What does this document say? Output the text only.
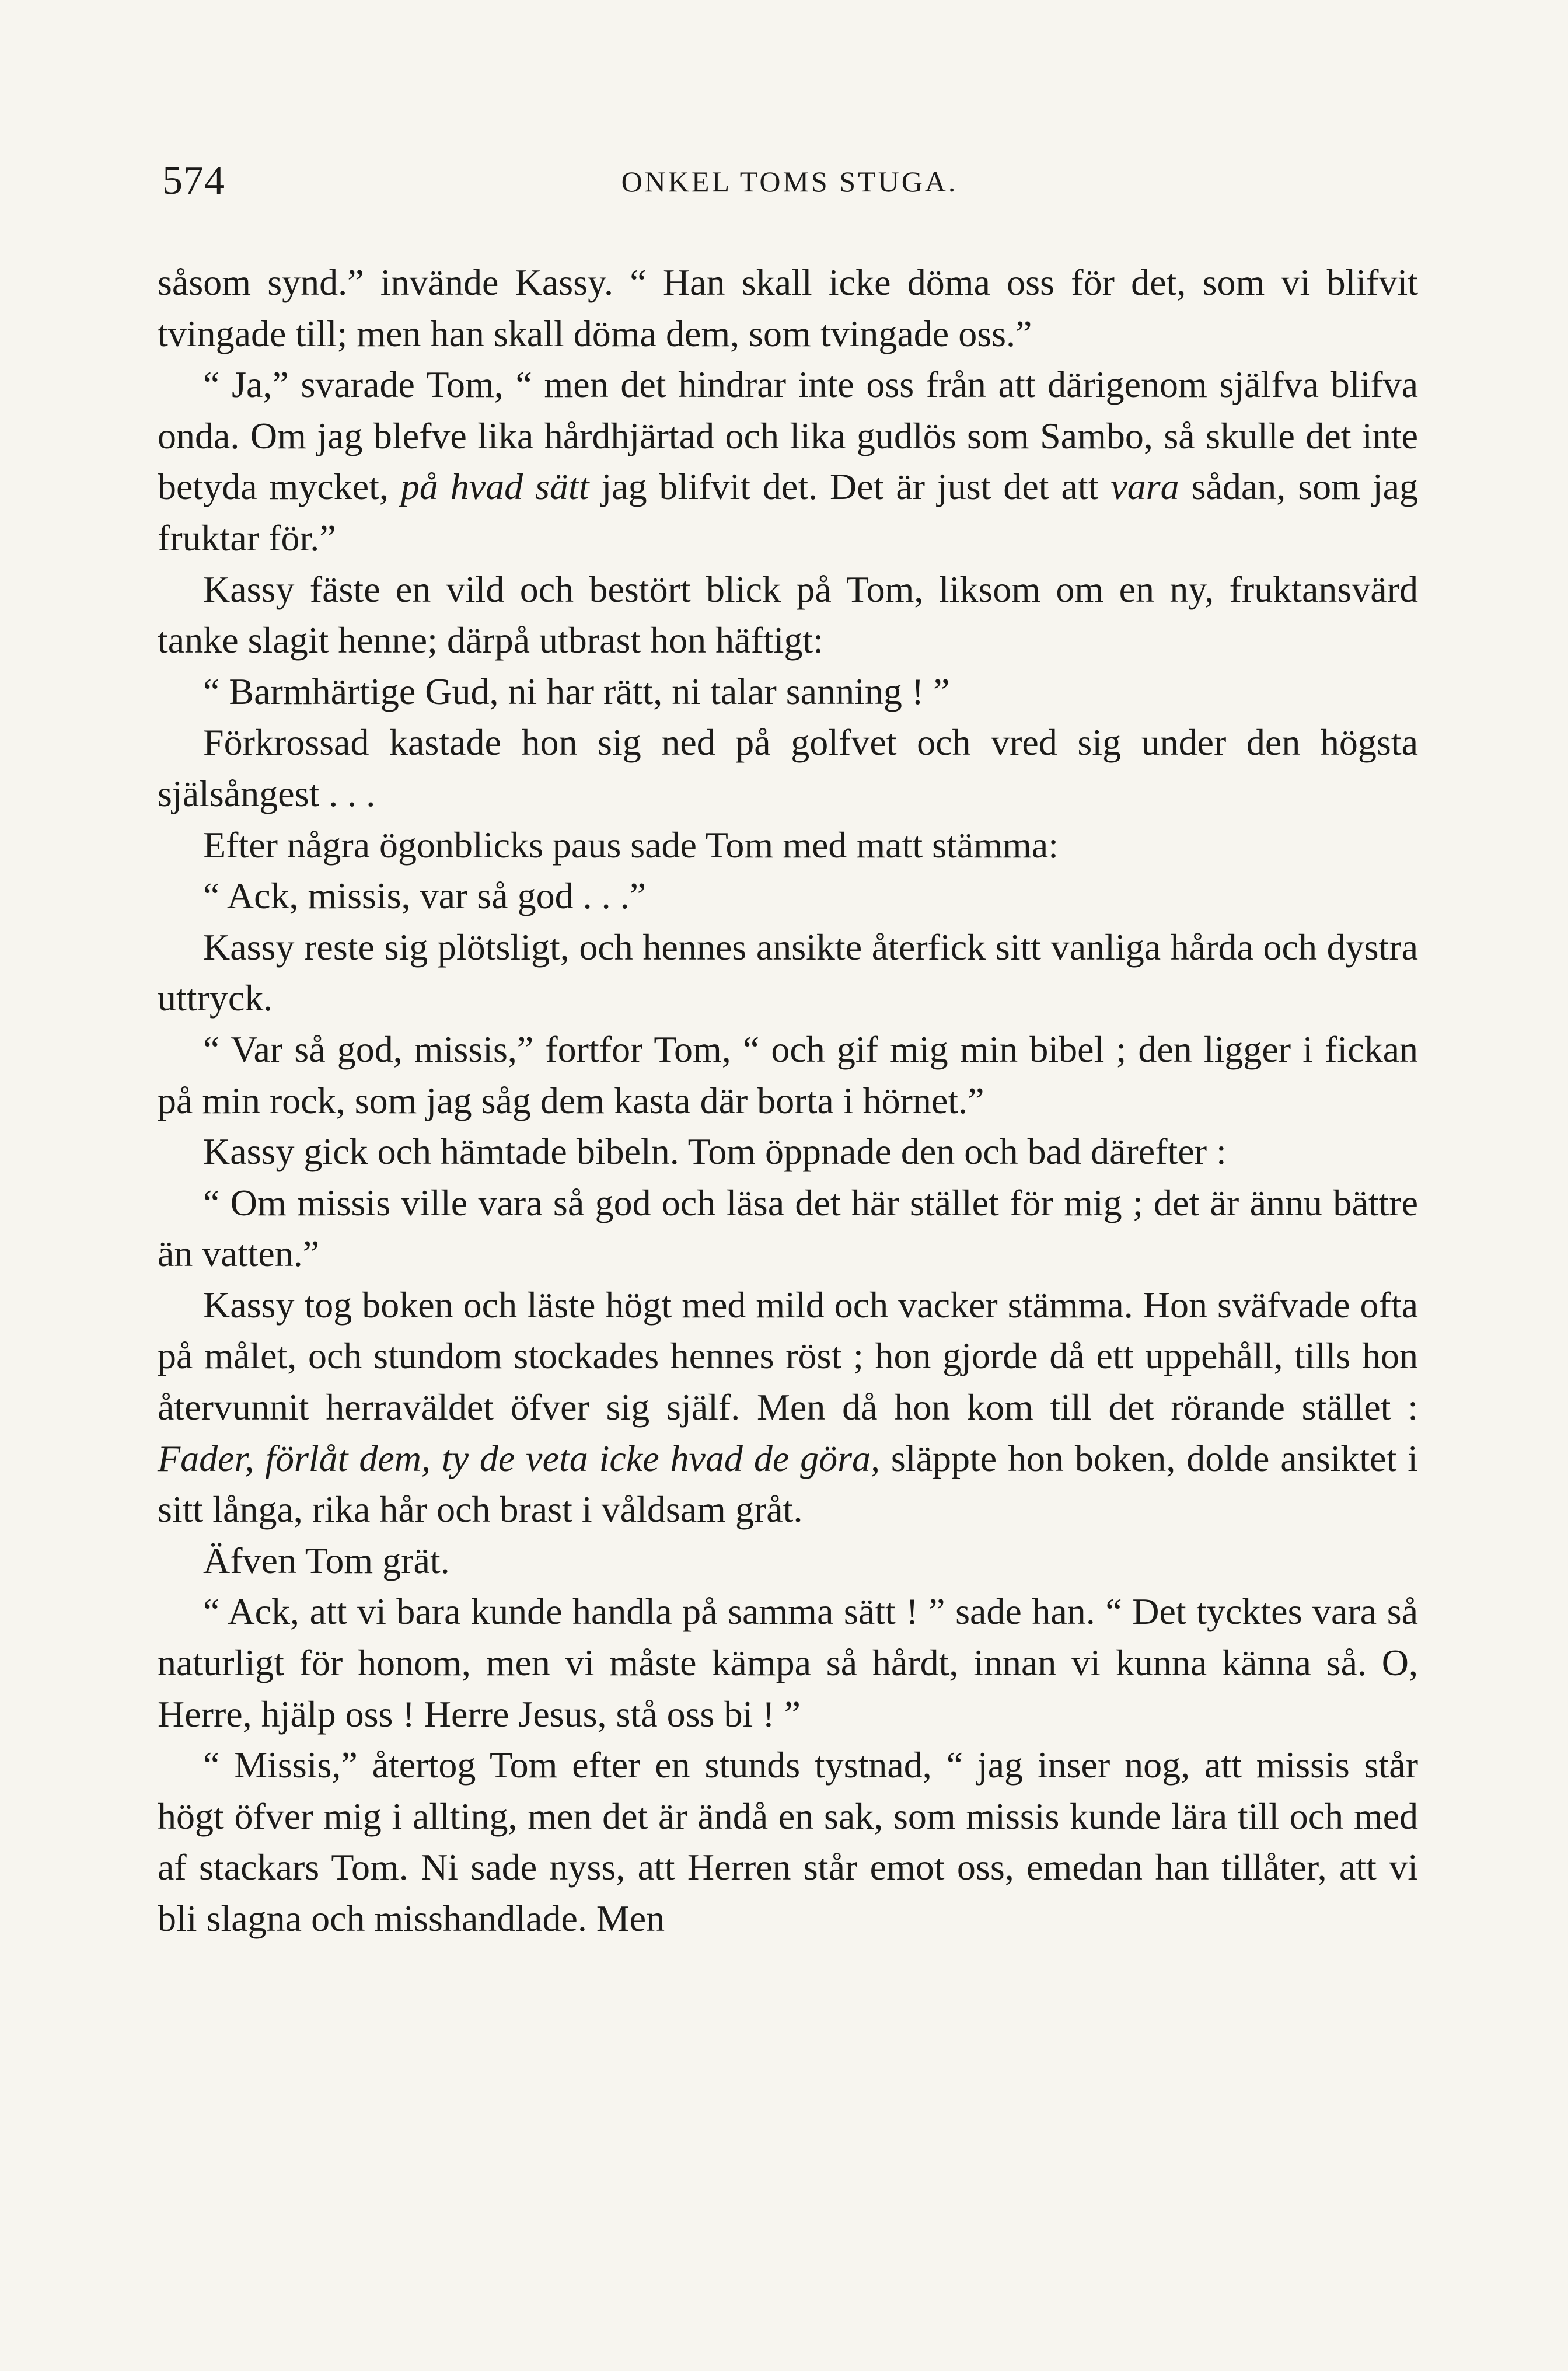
574	ONKEL TOMS STUGA.

såsom synd.” invände Kassy. “ Han skall icke döma oss för det, som vi blifvit tvingade till; men han skall döma dem, som tvingade oss.”

“ Ja,” svarade Tom, “ men det hindrar inte oss från att därigenom själfva blifva onda. Om jag blefve lika hårdhjärtad och lika gudlös som Sambo, så skulle det inte betyda mycket, på hvad sätt jag blifvit det. Det är just det att vara sådan, som jag fruktar för.”

Kassy fäste en vild och bestört blick på Tom, liksom om en ny, fruktansvärd tanke slagit henne; därpå utbrast hon häftigt:

“ Barmhärtige Gud, ni har rätt, ni talar sanning ! ”

Förkrossad kastade hon sig ned på golfvet och vred sig under den högsta själsångest . . .

Efter några ögonblicks paus sade Tom med matt stämma:

“ Ack, missis, var så god . . .”

Kassy reste sig plötsligt, och hennes ansikte återfick sitt vanliga hårda och dystra uttryck.

“ Var så god, missis,” fortfor Tom, “ och gif mig min bibel ; den ligger i fickan på min rock, som jag såg dem kasta där borta i hörnet.”

Kassy gick och hämtade bibeln. Tom öppnade den och bad därefter :

“ Om missis ville vara så god och läsa det här stället för mig ; det är ännu bättre än vatten.”

Kassy tog boken och läste högt med mild och vacker stämma. Hon sväfvade ofta på målet, och stundom stockades hennes röst ; hon gjorde då ett uppehåll, tills hon återvunnit herraväldet öfver sig själf. Men då hon kom till det rörande stället : Fader, förlåt dem, ty de veta icke hvad de göra, släppte hon boken, dolde ansiktet i sitt långa, rika hår och brast i våldsam gråt.

Äfven Tom grät.

“ Ack, att vi bara kunde handla på samma sätt ! ” sade han. “ Det tycktes vara så naturligt för honom, men vi måste kämpa så hårdt, innan vi kunna känna så. O, Herre, hjälp oss ! Herre Jesus, stå oss bi ! ”

“ Missis,” återtog Tom efter en stunds tystnad, “ jag inser nog, att missis står högt öfver mig i allting, men det är ändå en sak, som missis kunde lära till och med af stackars Tom. Ni sade nyss, att Herren står emot oss, emedan han tillåter, att vi bli slagna och misshandlade. Men
